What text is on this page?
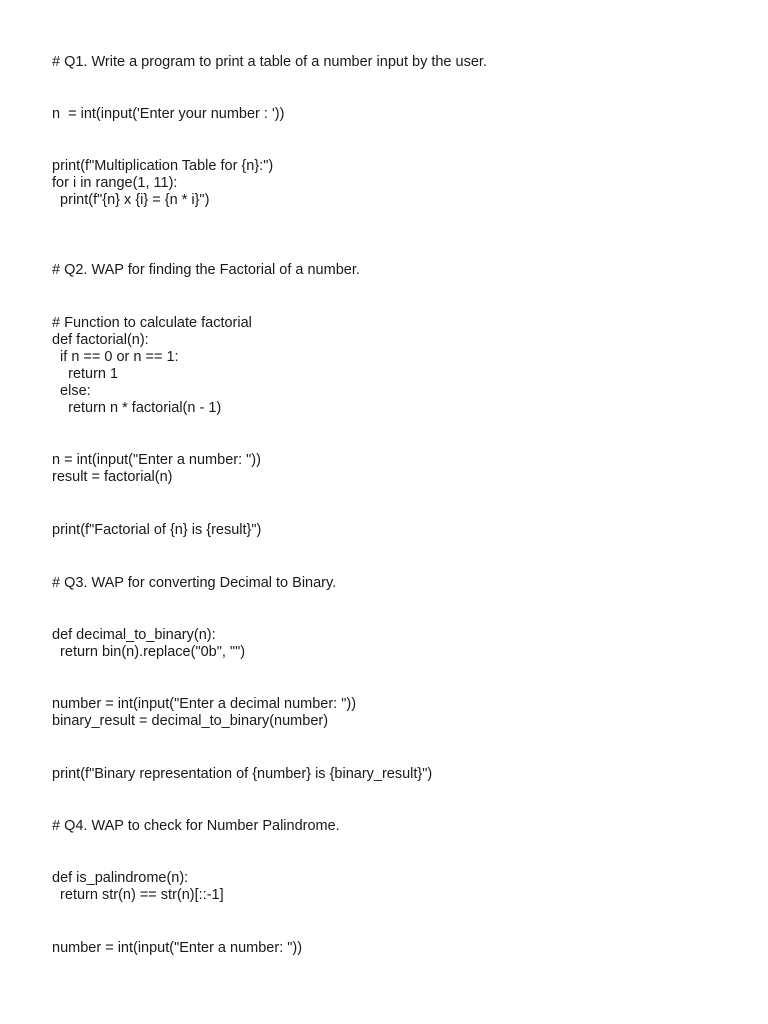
# Q1. Write a program to print a table of a number input by the user.

n  = int(input('Enter your number : '))

print(f"Multiplication Table for {n}:")

for i in range(1, 11):

print(f"{n} x {i} = {n * i}")

# Q2. WAP for finding the Factorial of a number.

# Function to calculate factorial

def factorial(n):

if n == 0 or n == 1:

return 1

else:

return n * factorial(n - 1)

n = int(input("Enter a number: "))

result = factorial(n)

print(f"Factorial of {n} is {result}")

# Q3. WAP for converting Decimal to Binary.

def decimal_to_binary(n):

return bin(n).replace("0b", "")

number = int(input("Enter a decimal number: "))

binary_result = decimal_to_binary(number)

print(f"Binary representation of {number} is {binary_result}")

# Q4. WAP to check for Number Palindrome.

def is_palindrome(n):

return str(n) == str(n)[::-1]

number = int(input("Enter a number: "))
